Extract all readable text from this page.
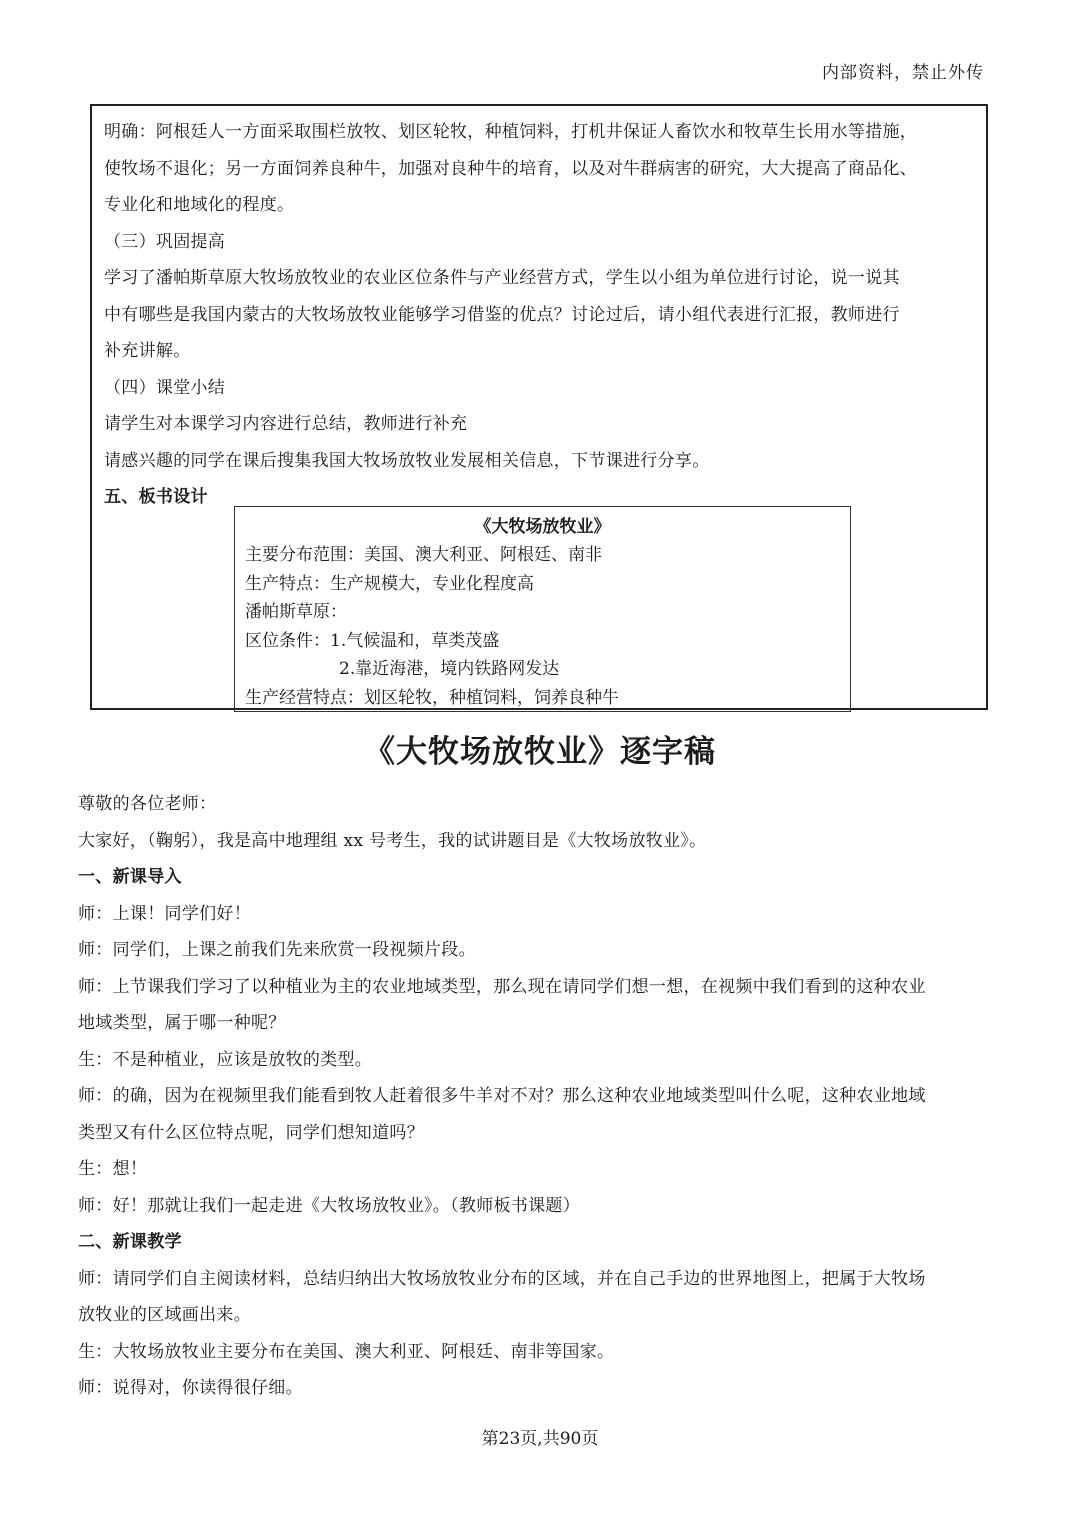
内部资料，禁止外传

明确：阿根廷人一方面采取围栏放牧、划区轮牧，种植饲料，打机井保证人畜饮水和牧草生长用水等措施，

使牧场不退化；另一方面饲养良种牛，加强对良种牛的培育，以及对牛群病害的研究，大大提高了商品化、

专业化和地域化的程度。

（三）巩固提高

学习了潘帕斯草原大牧场放牧业的农业区位条件与产业经营方式，学生以小组为单位进行讨论，说一说其

中有哪些是我国内蒙古的大牧场放牧业能够学习借鉴的优点？讨论过后，请小组代表进行汇报，教师进行

补充讲解。

（四）课堂小结

请学生对本课学习内容进行总结，教师进行补充

请感兴趣的同学在课后搜集我国大牧场放牧业发展相关信息，下节课进行分享。

五、板书设计

《大牧场放牧业》
主要分布范围：美国、澳大利亚、阿根廷、南非
生产特点：生产规模大，专业化程度高
潘帕斯草原：
区位条件：1.气候温和，草类茂盛
2.靠近海港，境内铁路网发达
生产经营特点：划区轮牧，种植饲料，饲养良种牛
《大牧场放牧业》逐字稿

尊敬的各位老师：

大家好，（鞠躬），我是高中地理组 xx 号考生，我的试讲题目是《大牧场放牧业》。

一、新课导入

师：上课！同学们好！

师：同学们，上课之前我们先来欣赏一段视频片段。

师：上节课我们学习了以种植业为主的农业地域类型，那么现在请同学们想一想，在视频中我们看到的这种农业

地域类型，属于哪一种呢？

生：不是种植业，应该是放牧的类型。

师：的确，因为在视频里我们能看到牧人赶着很多牛羊对不对？那么这种农业地域类型叫什么呢，这种农业地域

类型又有什么区位特点呢，同学们想知道吗？

生：想！

师：好！那就让我们一起走进《大牧场放牧业》。（教师板书课题）

二、新课教学

师：请同学们自主阅读材料，总结归纳出大牧场放牧业分布的区域，并在自己手边的世界地图上，把属于大牧场

放牧业的区域画出来。

生：大牧场放牧业主要分布在美国、澳大利亚、阿根廷、南非等国家。

师：说得对，你读得很仔细。

第23页,共90页
